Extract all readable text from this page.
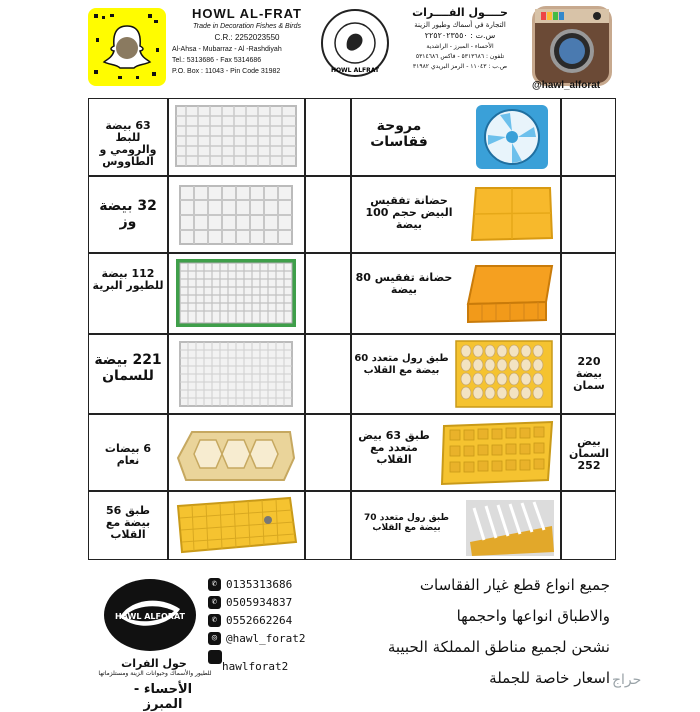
HOWL AL-FRAT
Trade in Decoration Fishes & Birds
C.R.: 2252023550
Al-Ahsa - Mubarraz - Al -Rashdiyah
Tel.: 5313686 - Fax 5314686
P.O. Box : 11043 - Pin Code 31982	HOWL ALFRAT
حــــول الفــــرات
التجارة في أسماك وطيور الزينة
س.ت : ٢٢٥٢٠٢٣٥٥٠
الأحساء - المبرز - الراشدية
تلفون : ٥٣١٣٦٨٦ - فاكس ٥٣١٤٦٨٦
ص.ب : ١١٠٤٣ - الرمز البريدي ٣١٩٨٢
@hawl_alforat
63 بيضة للبط والرومي و الطاووس
32 بيضة وز
112 بيضة للطيور البرية
221 بيضة للسمان
6 بيضات نعام
طبق 56 بيضة مع القلاب
مروحة فقاسات
حضانة تفقيس البيض حجم 100 بيضة
حضانة تفقيس 80 بيضة
طبق رول متعدد 60 بيضة مع القلاب
طبق 63 بيض متعدد مع القلاب
طبق رول متعدد 70 بيضة مع القلاب
220 بيضة سمان
بيض السمان 252
HAWL ALFORAT
حول الفرات
للطيور والأسماك وحيوانات الزينة ومستلزماتها
الأحساء - المبرز
✆ 0135313686
✆ 0505934837
✆ 0552662264
◎ @hawl_forat2
hawlforat2
جميع انواع قطع غيار الفقاسات
والاطباق انواعها واحجمها
نشحن لجميع مناطق المملكة الحبيبة
اسعار خاصة للجملة حراج
